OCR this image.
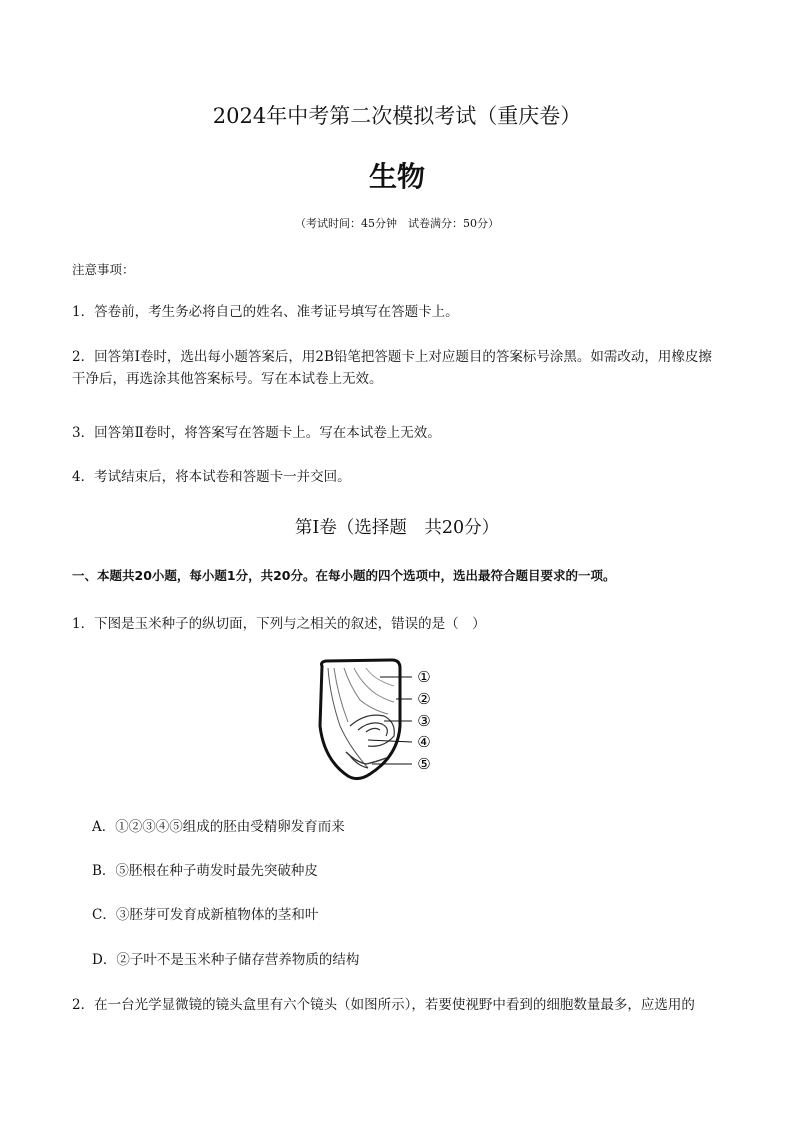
2024年中考第二次模拟考试（重庆卷）
生物
（考试时间：45分钟　试卷满分：50分）
注意事项：
1．答卷前，考生务必将自己的姓名、准考证号填写在答题卡上。
2．回答第Ⅰ卷时，选出每小题答案后，用2B铅笔把答题卡上对应题目的答案标号涂黑。如需改动，用橡皮擦干净后，再选涂其他答案标号。写在本试卷上无效。
3．回答第Ⅱ卷时，将答案写在答题卡上。写在本试卷上无效。
4．考试结束后，将本试卷和答题卡一并交回。
第Ⅰ卷（选择题　共20分）
一、本题共20小题，每小题1分，共20分。在每小题的四个选项中，选出最符合题目要求的一项。
1．下图是玉米种子的纵切面，下列与之相关的叙述，错误的是（　）
①
②
③
④
⑤
A．①②③④⑤组成的胚由受精卵发育而来
B．⑤胚根在种子萌发时最先突破种皮
C．③胚芽可发育成新植物体的茎和叶
D．②子叶不是玉米种子储存营养物质的结构
2．在一台光学显微镜的镜头盒里有六个镜头（如图所示），若要使视野中看到的细胞数量最多，应选用的
